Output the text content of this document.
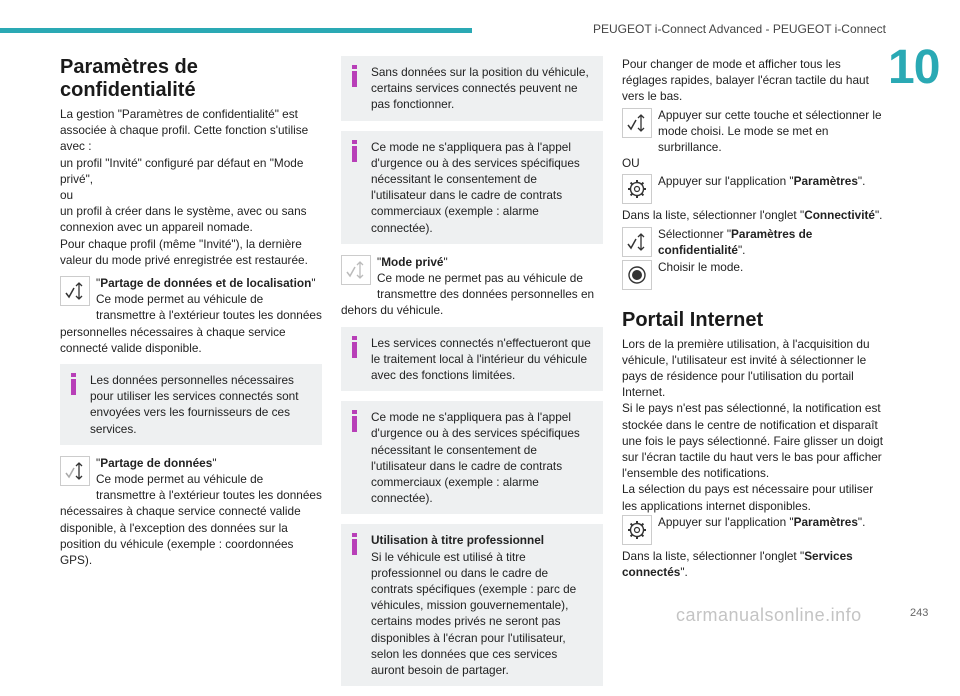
PEUGEOT i-Connect Advanced - PEUGEOT i-Connect
10
Paramètres de confidentialité

La gestion "Paramètres de confidentialité" est associée à chaque profil. Cette fonction s'utilise avec :
un profil "Invité" configuré par défaut en "Mode privé",
ou
un profil à créer dans le système, avec ou sans connexion avec un appareil nomade.
Pour chaque profil (même "Invité"), la dernière valeur du mode privé enregistrée est restaurée.

"Partage de données et de localisation"
Ce mode permet au véhicule de transmettre à l'extérieur toutes les données personnelles nécessaires à chaque service connecté valide disponible.
Les données personnelles nécessaires pour utiliser les services connectés sont envoyées vers les fournisseurs de ces services.
"Partage de données"
Ce mode permet au véhicule de transmettre à l'extérieur toutes les données nécessaires à chaque service connecté valide disponible, à l'exception des données sur la position du véhicule (exemple : coordonnées GPS).
Sans données sur la position du véhicule, certains services connectés peuvent ne pas fonctionner.
Ce mode ne s'appliquera pas à l'appel d'urgence ou à des services spécifiques nécessitant le consentement de l'utilisateur dans le cadre de contrats commerciaux (exemple : alarme connectée).
"Mode privé"
Ce mode ne permet pas au véhicule de transmettre des données personnelles en dehors du véhicule.
Les services connectés n'effectueront que le traitement local à l'intérieur du véhicule avec des fonctions limitées.
Ce mode ne s'appliquera pas à l'appel d'urgence ou à des services spécifiques nécessitant le consentement de l'utilisateur dans le cadre de contrats commerciaux (exemple : alarme connectée).
Utilisation à titre professionnel
Si le véhicule est utilisé à titre professionnel ou dans le cadre de contrats spécifiques (exemple : parc de véhicules, mission gouvernementale), certains modes privés ne seront pas disponibles à l'écran pour l'utilisateur, selon les données que ces services auront besoin de partager.

Pour changer de mode et afficher tous les réglages rapides, balayer l'écran tactile du haut vers le bas.

Appuyer sur cette touche et sélectionner le mode choisi. Le mode se met en surbrillance.

OU

Appuyer sur l'application "Paramètres".

Dans la liste, sélectionner l'onglet "Connectivité".

Sélectionner "Paramètres de confidentialité".
Choisir le mode.
Portail Internet

Lors de la première utilisation, à l'acquisition du véhicule, l'utilisateur est invité à sélectionner le pays de résidence pour l'utilisation du portail Internet.
Si le pays n'est pas sélectionné, la notification est stockée dans le centre de notification et disparaît une fois le pays sélectionné. Faire glisser un doigt sur l'écran tactile du haut vers le bas pour afficher l'ensemble des notifications.
La sélection du pays est nécessaire pour utiliser les applications internet disponibles.

Appuyer sur l'application "Paramètres".

Dans la liste, sélectionner l'onglet "Services connectés".

carmanualsonline.info	243
